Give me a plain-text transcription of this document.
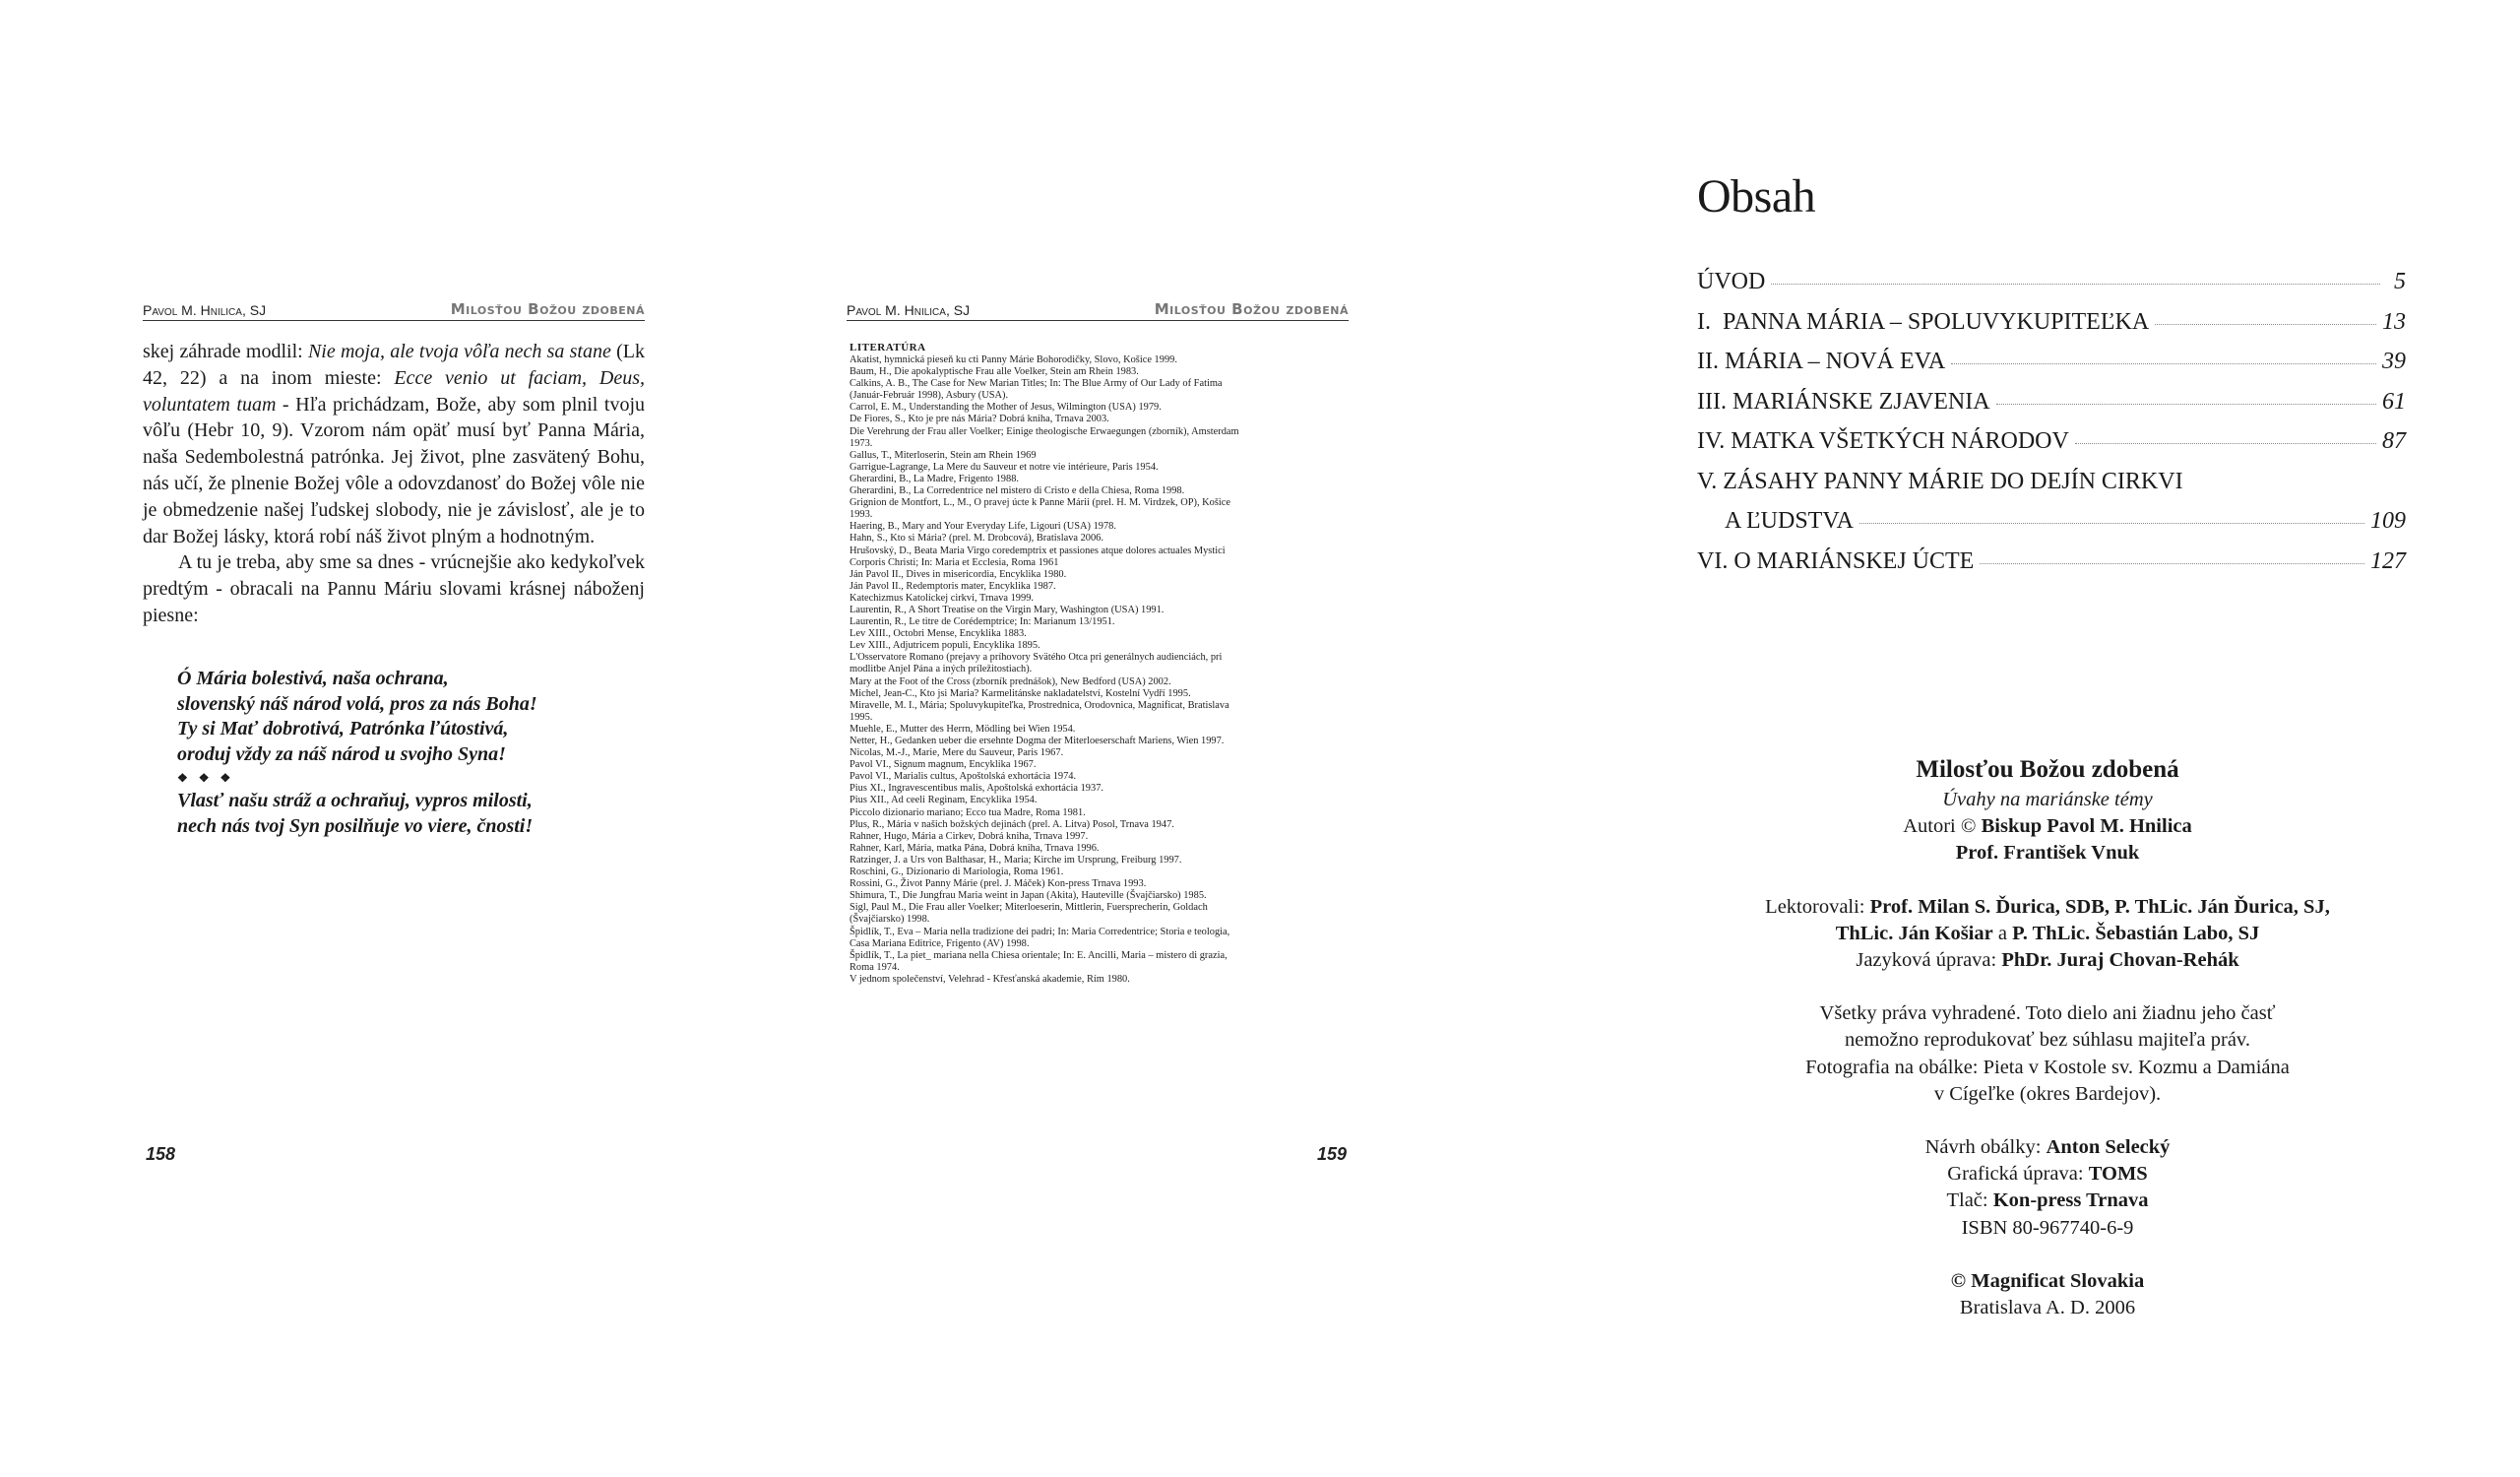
Pavol M. Hnilica, SJ	Milosťou Božou zdobená

skej záhrade modlil: Nie moja, ale tvoja vôľa nech sa stane (Lk 42, 22) a na inom mieste: Ecce venio ut faciam, Deus, voluntatem tuam - Hľa prichádzam, Bože, aby som plnil tvoju vôľu (Hebr 10, 9). Vzorom nám opäť musí byť Panna Mária, naša Sedembolestná patrónka. Jej život, plne zasvätený Bohu, nás učí, že plnenie Božej vôle a odovzdanosť do Božej vôle nie je obmedzenie našej ľudskej slobody, nie je závislosť, ale je to dar Božej lásky, ktorá robí náš život plným a hodnotným.

A tu je treba, aby sme sa dnes - vrúcnejšie ako kedykoľvek predtým - obracali na Pannu Máriu slovami krásnej náboženj piesne:

Ó Mária bolestivá, naša ochrana,
slovenský náš národ volá, pros za nás Boha!
Ty si Mať dobrotivá, Patrónka ľútostivá,
oroduj vždy za náš národ u svojho Syna!
❖ ❖ ❖
Vlasť našu stráž a ochraňuj, vypros milosti,
nech nás tvoj Syn posilňuje vo viere, čnosti!
158
Pavol M. Hnilica, SJ	Milosťou Božou zdobená
LITERATÚRA
Akatist, hymnická pieseň ku cti Panny Márie Bohorodičky, Slovo, Košice 1999.
Baum, H., Die apokalyptische Frau alle Voelker, Stein am Rhein 1983.
Calkins, A. B., The Case for New Marian Titles; In: The Blue Army of Our Lady of Fatima
(Január-Február 1998), Asbury (USA).
Carrol, E. M., Understanding the Mother of Jesus, Wilmington (USA) 1979.
De Fiores, S., Kto je pre nás Mária? Dobrá kniha, Trnava 2003.
Die Verehrung der Frau aller Voelker; Einige theologische Erwaegungen (zborník), Amsterdam
1973.
Gallus, T., Miterloserin, Stein am Rhein 1969
Garrigue-Lagrange, La Mere du Sauveur et notre vie intérieure, Paris 1954.
Gherardini, B., La Madre, Frigento 1988.
Gherardini, B., La Corredentrice nel mistero di Cristo e della Chiesa, Roma 1998.
Grignion de Montfort, L., M., O pravej úcte k Panne Márii (prel. H. M. Virdzek, OP), Košice
1993.
Haering, B., Mary and Your Everyday Life, Ligouri (USA) 1978.
Hahn, S., Kto si Mária? (prel. M. Drobcová), Bratislava 2006.
Hrušovský, D., Beata Maria Virgo coredemptrix et passiones atque dolores actuales Mystici
Corporis Christi; In: Maria et Ecclesia, Roma 1961
Ján Pavol II., Dives in misericordia, Encyklika 1980.
Ján Pavol II., Redemptoris mater, Encyklika 1987.
Katechizmus Katolíckej cirkvi, Trnava 1999.
Laurentin, R., A Short Treatise on the Virgin Mary, Washington (USA) 1991.
Laurentin, R., Le titre de Corédemptrice; In: Marianum 13/1951.
Lev XIII., Octobri Mense, Encyklika 1883.
Lev XIII., Adjutricem populi, Encyklika 1895.
L'Osservatore Romano (prejavy a príhovory Svätého Otca pri generálnych audienciách, pri
modlitbe Anjel Pána a iných príležitostiach).
Mary at the Foot of the Cross (zborník prednášok), New Bedford (USA) 2002.
Michel, Jean-C., Kto jsi Maria? Karmelitánske nakladatelství, Kostelní Vydří 1995.
Miravelle, M. I., Mária; Spoluvykupiteľka, Prostrednica, Orodovnica, Magnificat, Bratislava
1995.
Muehle, E., Mutter des Herrn, Mödling bei Wien 1954.
Netter, H., Gedanken ueber die ersehnte Dogma der Miterloeserschaft Mariens, Wien 1997.
Nicolas, M.-J., Marie, Mere du Sauveur, Paris 1967.
Pavol VI., Signum magnum, Encyklika 1967.
Pavol VI., Marialis cultus, Apoštolská exhortácia 1974.
Pius XI., Ingravescentibus malis, Apoštolská exhortácia 1937.
Pius XII., Ad ceeli Reginam, Encyklika 1954.
Piccolo dizionario mariano; Ecco tua Madre, Roma 1981.
Plus, R., Mária v našich božských dejinách (prel. A. Litva) Posol, Trnava 1947.
Rahner, Hugo, Mária a Cirkev, Dobrá kniha, Trnava 1997.
Rahner, Karl, Mária, matka Pána, Dobrá kniha, Trnava 1996.
Ratzinger, J. a Urs von Balthasar, H., Maria; Kirche im Ursprung, Freiburg 1997.
Roschini, G., Dizionario di Mariologia, Roma 1961.
Rossini, G., Život Panny Márie (prel. J. Máček) Kon-press Trnava 1993.
Shimura, T., Die Jungfrau Maria weint in Japan (Akita), Hauteville (Švajčiarsko) 1985.
Sigl, Paul M., Die Frau aller Voelker; Miterloeserin, Mittlerin, Fuersprecherin, Goldach
(Švajčiarsko) 1998.
Špidlík, T., Eva – Maria nella tradizione dei padri; In: Maria Corredentrice; Storia e teologia,
Casa Mariana Editrice, Frigento (AV) 1998.
Špidlík, T., La piet_ mariana nella Chiesa orientale; In: E. Ancilli, Maria – mistero di grazia,
Roma 1974.
V jednom společenství, Velehrad - Křesťanská akademie, Rím 1980.
159
Obsah
ÚVOD	5
I.  PANNA MÁRIA – SPOLUVYKUPITEĽKA	13
II. MÁRIA – NOVÁ EVA	39
III. MARIÁNSKE ZJAVENIA	61
IV. MATKA VŠETKÝCH NÁRODOV	87
V. ZÁSAHY PANNY MÁRIE DO DEJÍN CIRKVI
A ĽUDSTVA	109
VI. O MARIÁNSKEJ ÚCTE	127
Milosťou Božou zdobená
Úvahy na mariánske témy
Autori © Biskup Pavol M. Hnilica
Prof. František Vnuk
Lektorovali: Prof. Milan S. Ďurica, SDB, P. ThLic. Ján Ďurica, SJ,
ThLic. Ján Košiar a P. ThLic. Šebastián Labo, SJ
Jazyková úprava: PhDr. Juraj Chovan-Rehák
Všetky práva vyhradené. Toto dielo ani žiadnu jeho časť
nemožno reprodukovať bez súhlasu majiteľa práv.
Fotografia na obálke: Pieta v Kostole sv. Kozmu a Damiána
v Cígeľke (okres Bardejov).
Návrh obálky: Anton Selecký
Grafická úprava: TOMS
Tlač: Kon-press Trnava
ISBN 80-967740-6-9
© Magnificat Slovakia
Bratislava A. D. 2006
